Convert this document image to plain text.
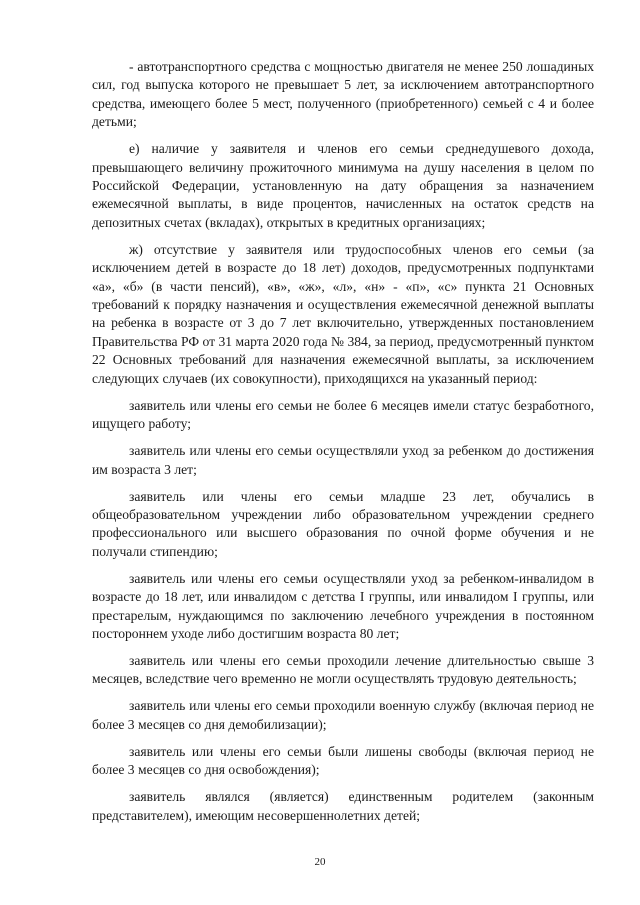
- автотранспортного средства с мощностью двигателя не менее 250 лошадиных сил, год выпуска которого не превышает 5 лет, за исключением автотранспортного средства, имеющего более 5 мест, полученного (приобретенного) семьей с 4 и более детьми;

е) наличие у заявителя и членов его семьи среднедушевого дохода, превышающего величину прожиточного минимума на душу населения в целом по Российской Федерации, установленную на дату обращения за назначением ежемесячной выплаты, в виде процентов, начисленных на остаток средств на депозитных счетах (вкладах), открытых в кредитных организациях;

ж) отсутствие у заявителя или трудоспособных членов его семьи (за исключением детей в возрасте до 18 лет) доходов, предусмотренных подпунктами «а», «б» (в части пенсий), «в», «ж», «л», «н» - «п», «с» пункта 21 Основных требований к порядку назначения и осуществления ежемесячной денежной выплаты на ребенка в возрасте от 3 до 7 лет включительно, утвержденных постановлением Правительства РФ от 31 марта 2020 года № 384, за период, предусмотренный пунктом 22 Основных требований для назначения ежемесячной выплаты, за исключением следующих случаев (их совокупности), приходящихся на указанный период:

заявитель или члены его семьи не более 6 месяцев имели статус безработного, ищущего работу;

заявитель или члены его семьи осуществляли уход за ребенком до достижения им возраста 3 лет;

заявитель или члены его семьи младше 23 лет, обучались в общеобразовательном учреждении либо образовательном учреждении среднего профессионального или высшего образования по очной форме обучения и не получали стипендию;

заявитель или члены его семьи осуществляли уход за ребенком-инвалидом в возрасте до 18 лет, или инвалидом с детства I группы, или инвалидом I группы, или престарелым, нуждающимся по заключению лечебного учреждения в постоянном постороннем уходе либо достигшим возраста 80 лет;

заявитель или члены его семьи проходили лечение длительностью свыше 3 месяцев, вследствие чего временно не могли осуществлять трудовую деятельность;

заявитель или члены его семьи проходили военную службу (включая период не более 3 месяцев со дня демобилизации);

заявитель или члены его семьи были лишены свободы (включая период не более 3 месяцев со дня освобождения);

заявитель являлся (является) единственным родителем (законным представителем), имеющим несовершеннолетних детей;

20
